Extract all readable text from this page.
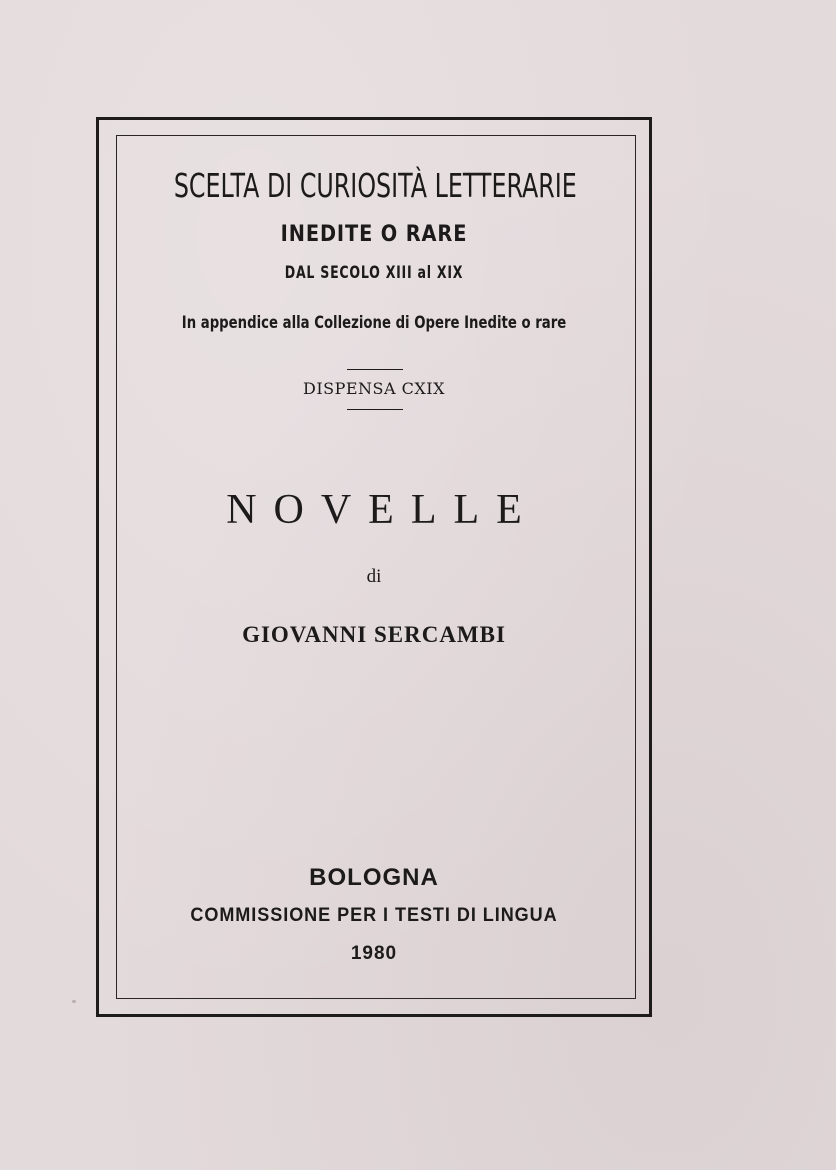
SCELTA DI CURIOSITÀ LETTERARIE
INEDITE O RARE
DAL SECOLO XIII al XIX
In appendice alla Collezione di Opere Inedite o rare
DISPENSA CXIX
NOVELLE
di
GIOVANNI SERCAMBI
BOLOGNA
COMMISSIONE PER I TESTI DI LINGUA
1980
